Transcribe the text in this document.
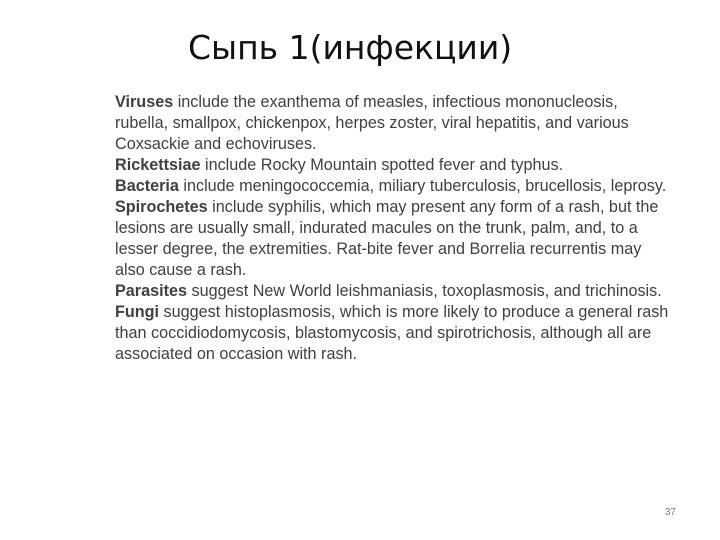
Сыпь 1(инфекции)

Viruses include the exanthema of measles, infectious mononucleosis, rubella, smallpox, chickenpox, herpes zoster, viral hepatitis, and various Coxsackie and echoviruses.

Rickettsiae include Rocky Mountain spotted fever and typhus.

Bacteria include meningococcemia, miliary tuberculosis, brucellosis, leprosy.

Spirochetes include syphilis, which may present any form of a rash, but the lesions are usually small, indurated macules on the trunk, palm, and, to a lesser degree, the extremities. Rat-bite fever and Borrelia recurrentis may also cause a rash.

Parasites suggest New World leishmaniasis, toxoplasmosis, and trichinosis.

Fungi suggest histoplasmosis, which is more likely to produce a general rash than coccidiodomycosis, blastomycosis, and spirotrichosis, although all are associated on occasion with rash.

37
